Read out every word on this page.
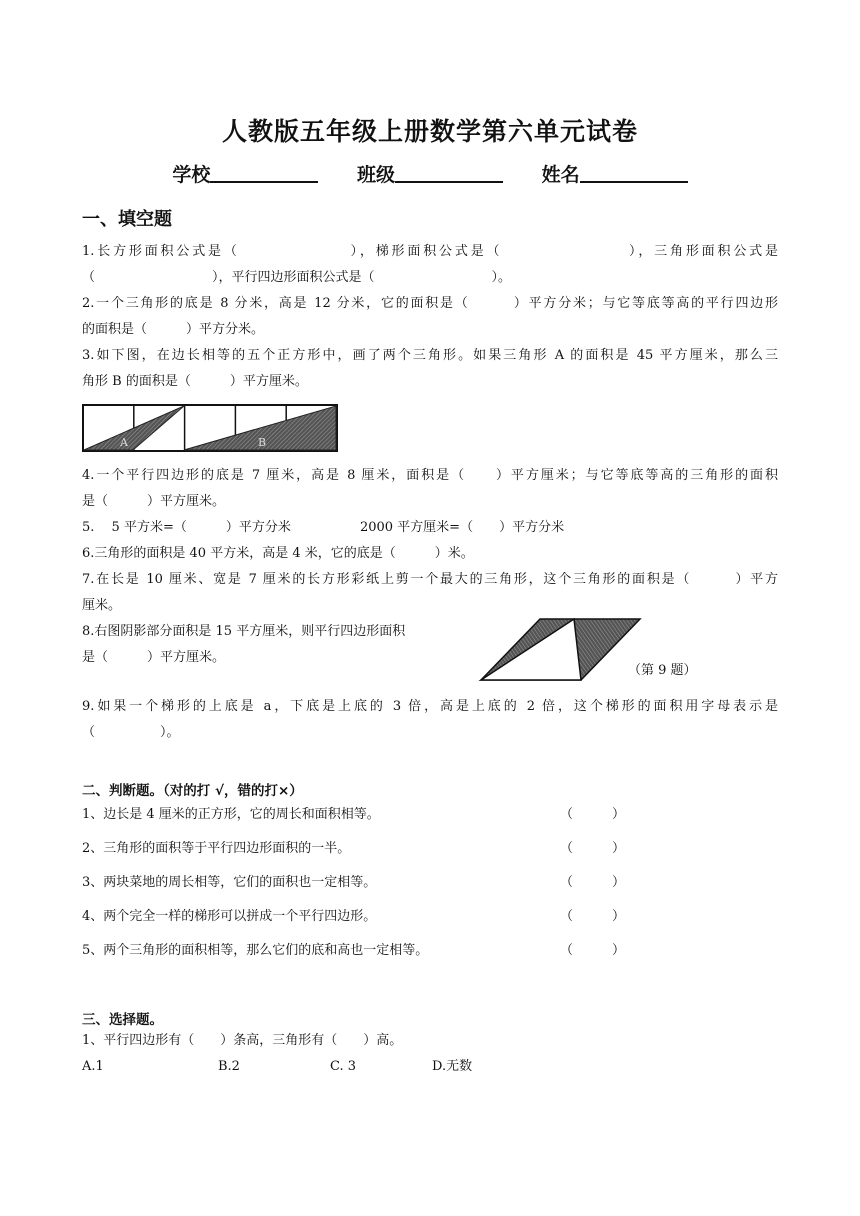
人教版五年级上册数学第六单元试卷
学校	班级	姓名
一、填空题
1.长方形面积公式是（　　　　　　　），梯形面积公式是（　　　　　　　　），三角形面积公式是
（　　　　　　　　　），平行四边形面积公式是（　　　　　　　　　）。
2.一个三角形的底是 8 分米，高是 12 分米，它的面积是（　　　）平方分米；与它等底等高的平行四边形
的面积是（　　　）平方分米。
3.如下图，在边长相等的五个正方形中，画了两个三角形。如果三角形 A 的面积是 45 平方厘米，那么三
角形 B 的面积是（　　　）平方厘米。
A	B
4.一个平行四边形的底是 7 厘米，高是 8 厘米，面积是（　　）平方厘米；与它等底等高的三角形的面积
是（　　　）平方厘米。
5.　 5 平方米=（　　　）平方分米　　　　　 2000 平方厘米=（　　）平方分米
6.三角形的面积是 40 平方米，高是 4 米，它的底是（　　　）米。
7.在长是 10 厘米、宽是 7 厘米的长方形彩纸上剪一个最大的三角形，这个三角形的面积是（　　　）平方
厘米。
8.右图阴影部分面积是 15 平方厘米，则平行四边形面积
是（　　　）平方厘米。
（第 9 题）
9.如果一个梯形的上底是 a，下底是上底的 3 倍，高是上底的 2 倍，这个梯形的面积用字母表示是
（　　　　　）。
二、判断题。（对的打 √，错的打×）
1、边长是 4 厘米的正方形，它的周长和面积相等。	（　　　）
2、三角形的面积等于平行四边形面积的一半。	（　　　）
3、两块菜地的周长相等，它们的面积也一定相等。	（　　　）
4、两个完全一样的梯形可以拼成一个平行四边形。	（　　　）
5、两个三角形的面积相等，那么它们的底和高也一定相等。	（　　　）
三、选择题。
1、平行四边形有（　　）条高，三角形有（　　）高。
A.1	B.2	C. 3	D.无数
